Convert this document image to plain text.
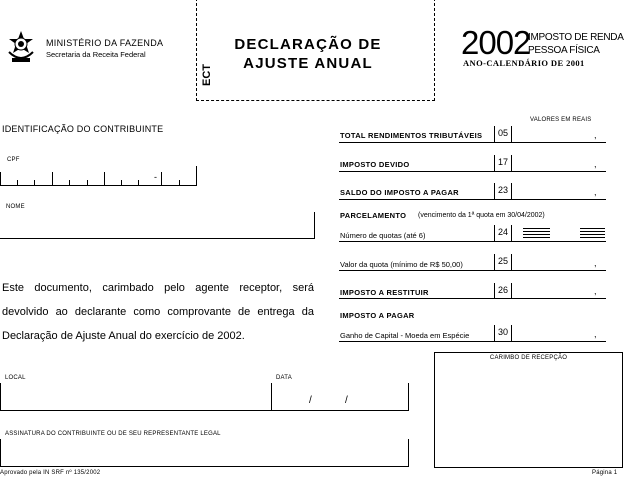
MINISTÉRIO DA FAZENDA
Secretaria da Receita Federal
DECLARAÇÃO DE
AJUSTE ANUAL
ECT
2002
IMPOSTO DE RENDA
PESSOA FÍSICA
ANO-CALENDÁRIO DE 2001
IDENTIFICAÇÃO DO CONTRIBUINTE
CPF
-
NOME
VALORES EM REAIS
TOTAL RENDIMENTOS TRIBUTÁVEIS 05	,
IMPOSTO DEVIDO	17	,
SALDO DO IMPOSTO A PAGAR	23	,
PARCELAMENTO (vencimento da 1ª quota em 30/04/2002)
Número de quotas (até 6)	24
Valor da quota (mínimo de R$ 50,00)	25	,
IMPOSTO A RESTITUIR	26	,
IMPOSTO A PAGAR
Ganho de Capital - Moeda em Espécie	30	,
Este documento, carimbado pelo agente receptor, será
devolvido ao declarante como comprovante de entrega da
Declaração de Ajuste Anual do exercício de 2002.
LOCAL	DATA
/	/
ASSINATURA DO CONTRIBUINTE OU DE SEU REPRESENTANTE LEGAL
CARIMBO DE RECEPÇÃO
Aprovado pela IN SRF nº 135/2002	Página 1
